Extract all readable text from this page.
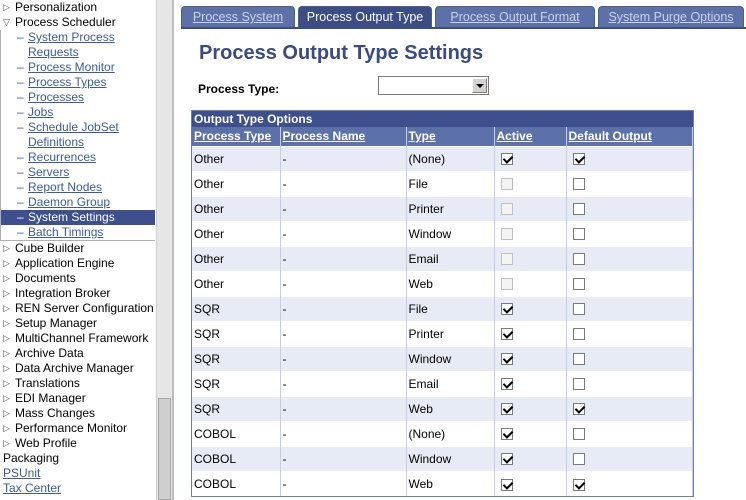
▷ Personalization
▽ Process Scheduler
– System Process
Requests
– Process Monitor
– Process Types
– Processes
– Jobs
– Schedule JobSet
Definitions
– Recurrences
– Servers
– Report Nodes
– Daemon Group
– System Settings
– Batch Timings
▷ Cube Builder
▷ Application Engine
▷ Documents
▷ Integration Broker
▷ REN Server Configuration
▷ Setup Manager
▷ MultiChannel Framework
▷ Archive Data
▷ Data Archive Manager
▷ Translations
▷ EDI Manager
▷ Mass Changes
▷ Performance Monitor
▷ Web Profile
Packaging
PSUnit
Tax Center
Process System	Process Output Type	Process Output Format	System Purge Options
Process Output Type Settings
Process Type:
Output Type Options
Process Type	Process Name	Type	Active	Default Output
Other	-	(None)		
Other	-	File		
Other	-	Printer		
Other	-	Window		
Other	-	Email		
Other	-	Web		
SQR	-	File		
SQR	-	Printer		
SQR	-	Window		
SQR	-	Email		
SQR	-	Web		
COBOL	-	(None)		
COBOL	-	Window		
COBOL	-	Web		
